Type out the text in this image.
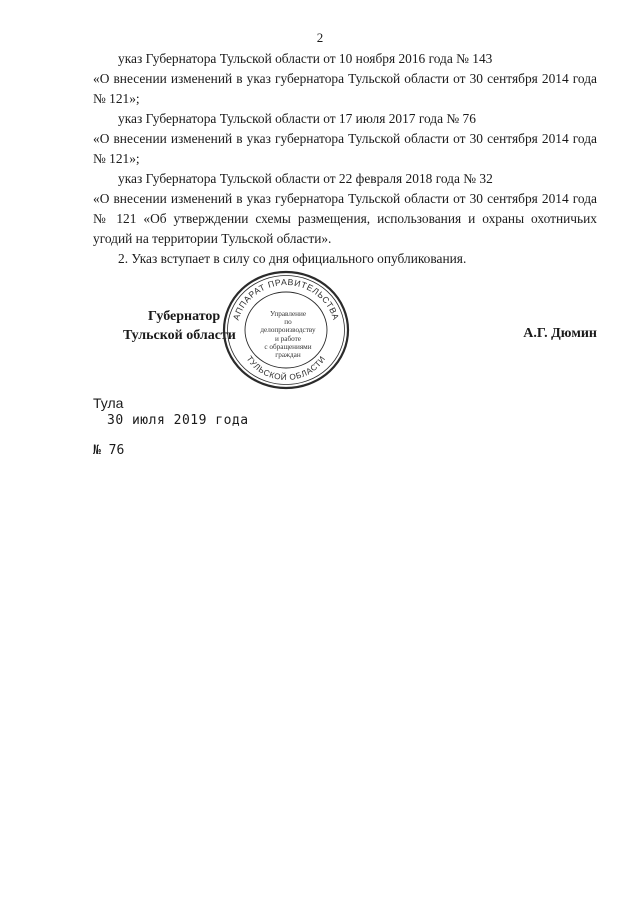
2

указ Губернатора Тульской области от 10 ноября 2016 года № 143

«О внесении изменений в указ губернатора Тульской области от 30 сентября 2014 года № 121»;

указ Губернатора Тульской области от 17 июля 2017 года № 76

«О внесении изменений в указ губернатора Тульской области от 30 сентября 2014 года № 121»;

указ Губернатора Тульской области от 22 февраля 2018 года № 32

«О внесении изменений в указ губернатора Тульской области от 30 сентября 2014 года № 121 «Об утверждении схемы размещения, использования и охраны охотничьих угодий на территории Тульской области».

2. Указ вступает в силу со дня официального опубликования.

Губернатор
Тульской области
АППАРАТ ПРАВИТЕЛЬСТВА
ТУЛЬСКОЙ ОБЛАСТИ
Управление
по делопроизводству
и работе
с обращениями
граждан
А.Г. Дюмин
Тула
30 июля 2019 года
№ 76
